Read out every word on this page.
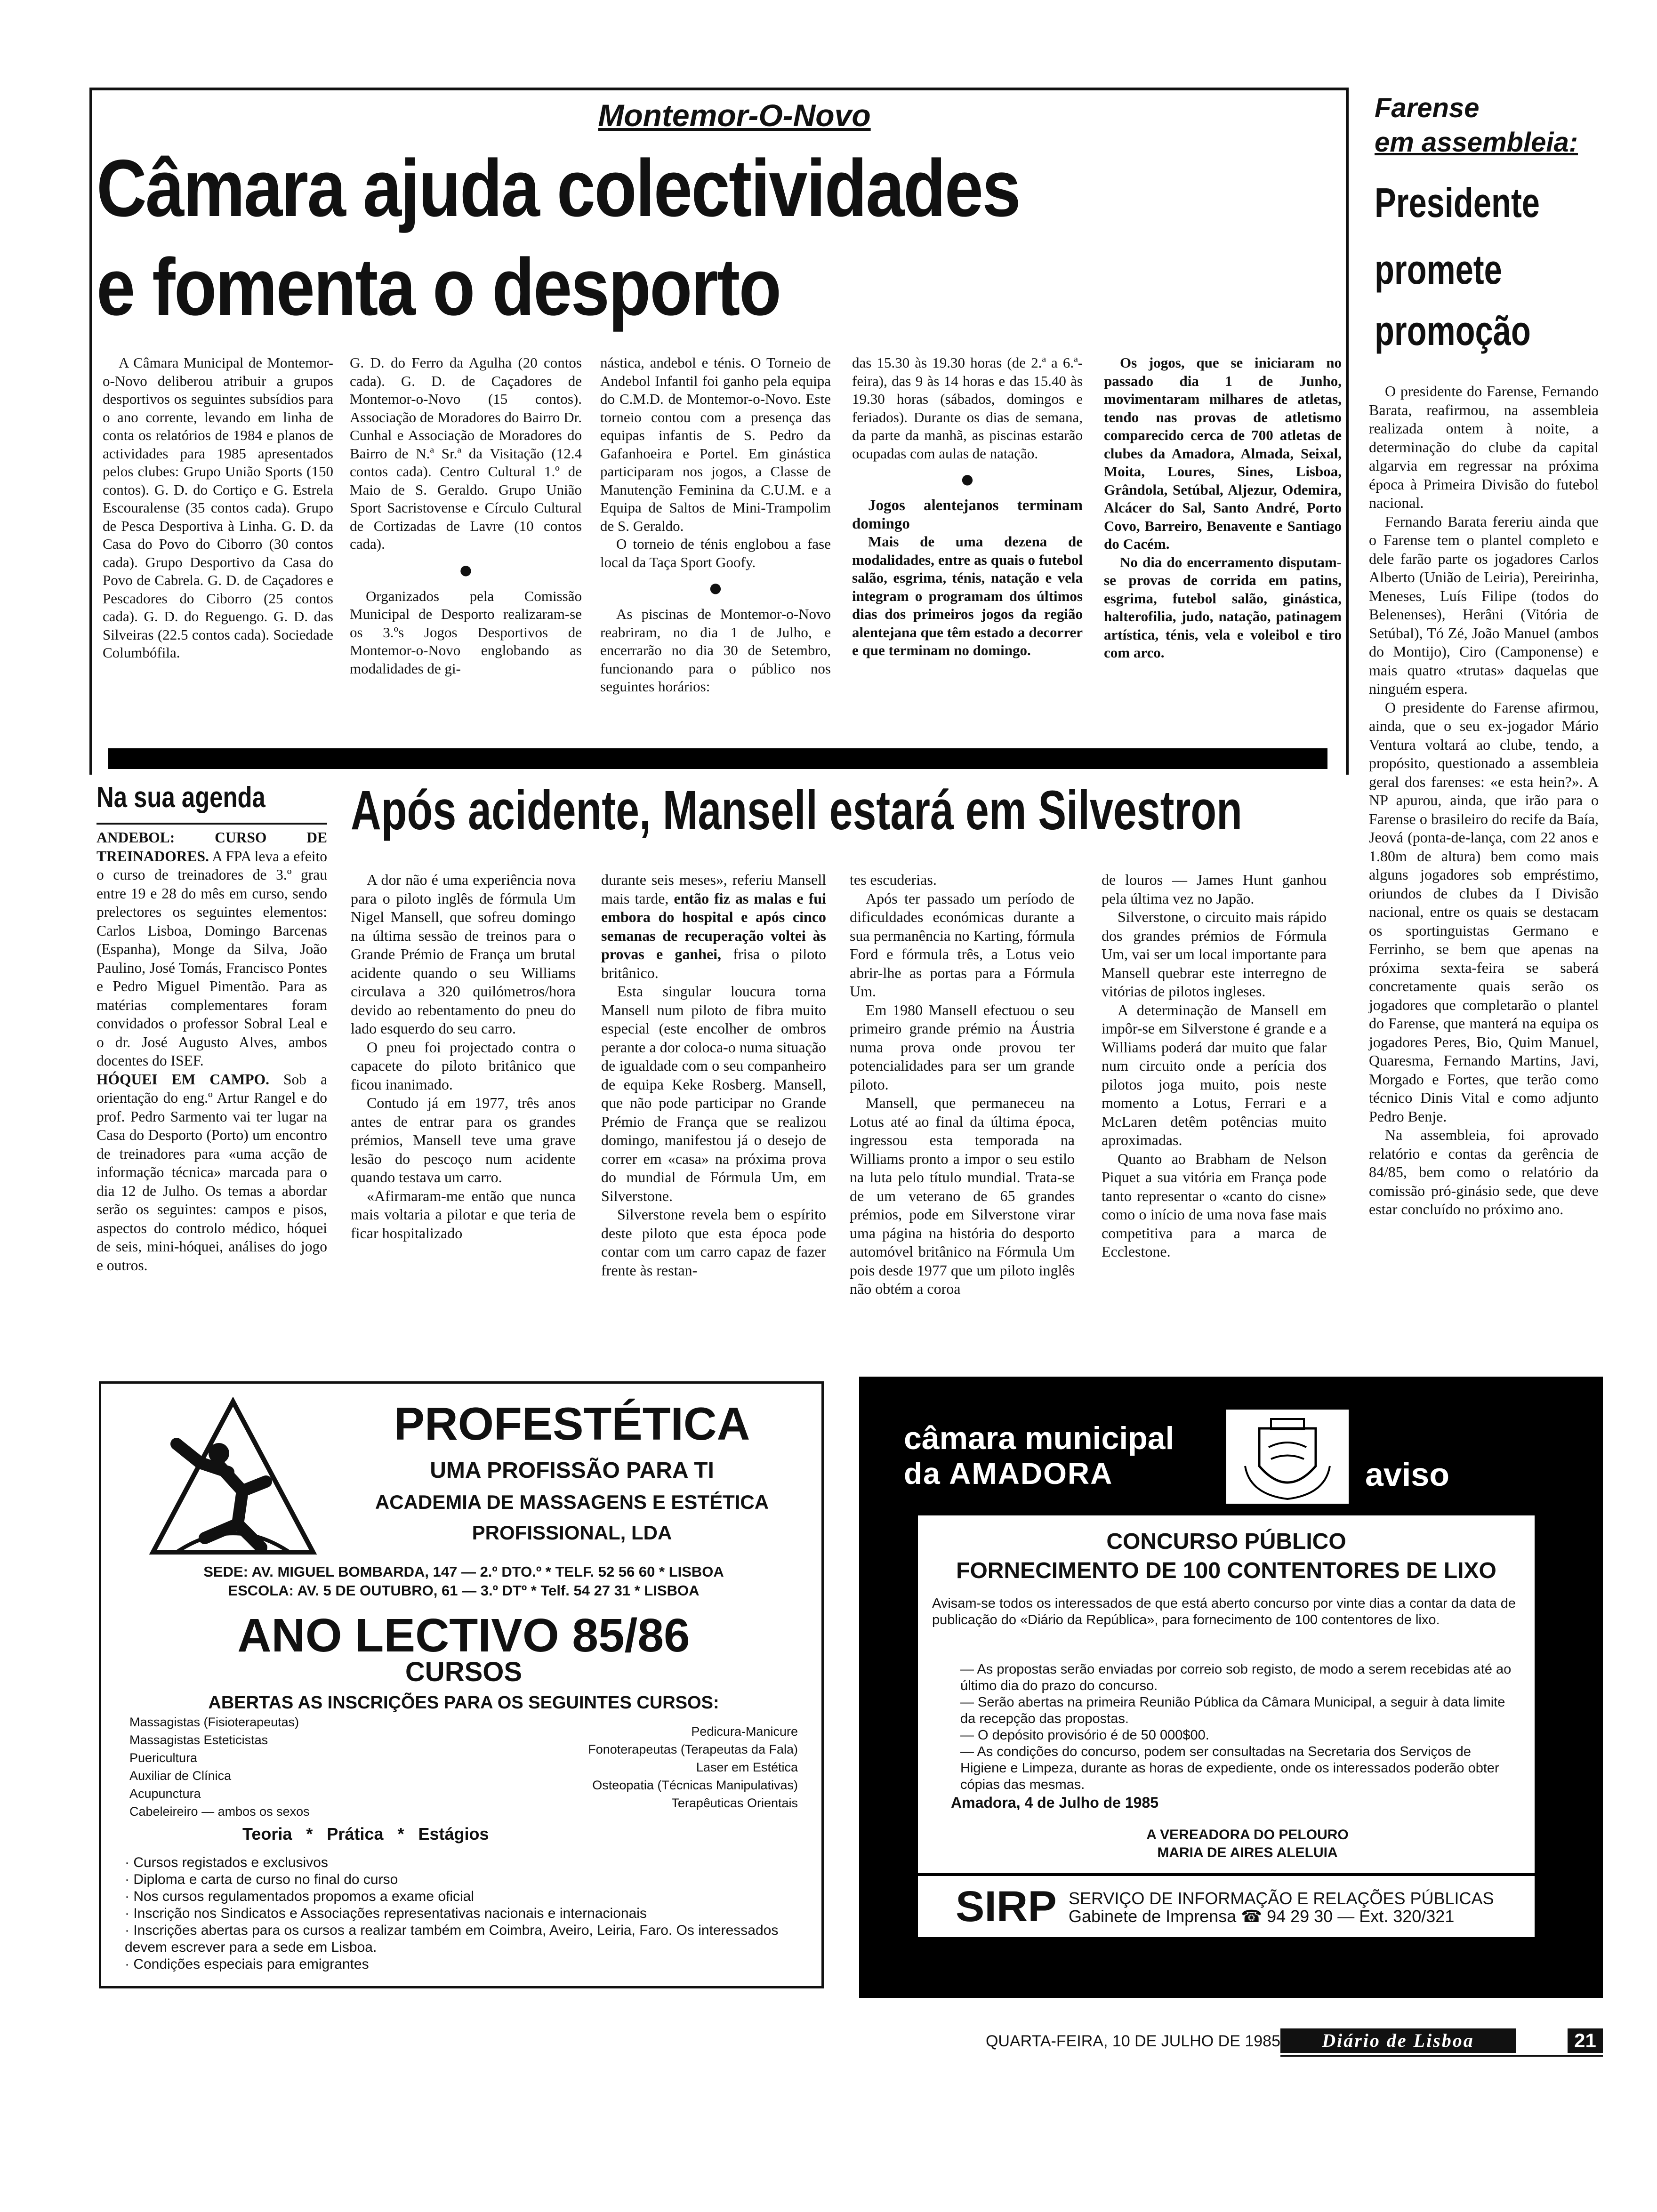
Montemor-O-Novo
Câmara ajuda colectividades
e fomenta o desporto

A Câmara Municipal de Montemor-o-Novo deliberou atribuir a grupos desportivos os seguintes subsídios para o ano corrente, levando em linha de conta os relatórios de 1984 e planos de actividades para 1985 apresentados pelos clubes: Grupo União Sports (150 contos). G. D. do Cortiço e G. Estrela Escouralense (35 contos cada). Grupo de Pesca Desportiva à Linha. G. D. da Casa do Povo do Ciborro (30 contos cada). Grupo Desportivo da Casa do Povo de Cabrela. G. D. de Caçadores e Pescadores do Ciborro (25 contos cada). G. D. do Reguengo. G. D. das Silveiras (22.5 contos cada). Sociedade Columbófila.

G. D. do Ferro da Agulha (20 contos cada). G. D. de Caçadores de Montemor-o-Novo (15 contos). Associação de Moradores do Bairro Dr. Cunhal e Associação de Moradores do Bairro de N.ª Sr.ª da Visitação (12.4 contos cada). Centro Cultural 1.º de Maio de S. Geraldo. Grupo União Sport Sacristovense e Círculo Cultural de Cortizadas de Lavre (10 contos cada).

●

Organizados pela Comissão Municipal de Desporto realizaram-se os 3.ºs Jogos Desportivos de Montemor-o-Novo englobando as modalidades de gi-

nástica, andebol e ténis. O Torneio de Andebol Infantil foi ganho pela equipa do C.M.D. de Montemor-o-Novo. Este torneio contou com a presença das equipas infantis de S. Pedro da Gafanhoeira e Portel. Em ginástica participaram nos jogos, a Classe de Manutenção Feminina da C.U.M. e a Equipa de Saltos de Mini-Trampolim de S. Geraldo.

O torneio de ténis englobou a fase local da Taça Sport Goofy.

●

As piscinas de Montemor-o-Novo reabriram, no dia 1 de Julho, e encerrarão no dia 30 de Setembro, funcionando para o público nos seguintes horários:

das 15.30 às 19.30 horas (de 2.ª a 6.ª-feira), das 9 às 14 horas e das 15.40 às 19.30 horas (sábados, domingos e feriados). Durante os dias de semana, da parte da manhã, as piscinas estarão ocupadas com aulas de natação.

●

Jogos alentejanos terminam domingo

Mais de uma dezena de modalidades, entre as quais o futebol salão, esgrima, ténis, natação e vela integram o programam dos últimos dias dos primeiros jogos da região alentejana que têm estado a decorrer e que terminam no domingo.

Os jogos, que se iniciaram no passado dia 1 de Junho, movimentaram milhares de atletas, tendo nas provas de atletismo comparecido cerca de 700 atletas de clubes da Amadora, Almada, Seixal, Moita, Loures, Sines, Lisboa, Grândola, Setúbal, Aljezur, Odemira, Alcácer do Sal, Santo André, Porto Covo, Barreiro, Benavente e Santiago do Cacém.

No dia do encerramento disputam-se provas de corrida em patins, esgrima, futebol salão, ginástica, halterofilia, judo, natação, patinagem artística, ténis, vela e voleibol e tiro com arco.

Farense
em assembleia:
Presidente
promete
promoção

O presidente do Farense, Fernando Barata, reafirmou, na assembleia realizada ontem à noite, a determinação do clube da capital algarvia em regressar na próxima época à Primeira Divisão do futebol nacional.

Fernando Barata fereriu ainda que o Farense tem o plantel completo e dele farão parte os jogadores Carlos Alberto (União de Leiria), Pereirinha, Meneses, Luís Filipe (todos do Belenenses), Herâni (Vitória de Setúbal), Tó Zé, João Manuel (ambos do Montijo), Ciro (Camponense) e mais quatro «trutas» daquelas que ninguém espera.

O presidente do Farense afirmou, ainda, que o seu ex-jogador Mário Ventura voltará ao clube, tendo, a propósito, questionado a assembleia geral dos farenses: «e esta hein?». A NP apurou, ainda, que irão para o Farense o brasileiro do recife da Baía, Jeová (ponta-de-lança, com 22 anos e 1.80m de altura) bem como mais alguns jogadores sob empréstimo, oriundos de clubes da I Divisão nacional, entre os quais se destacam os sportinguistas Germano e Ferrinho, se bem que apenas na próxima sexta-feira se saberá concretamente quais serão os jogadores que completarão o plantel do Farense, que manterá na equipa os jogadores Peres, Bio, Quim Manuel, Quaresma, Fernando Martins, Javi, Morgado e Fortes, que terão como técnico Dinis Vital e como adjunto Pedro Benje.

Na assembleia, foi aprovado relatório e contas da gerência de 84/85, bem como o relatório da comissão pró-ginásio sede, que deve estar concluído no próximo ano.

Na sua agenda

ANDEBOL: CURSO DE TREINADORES. A FPA leva a efeito o curso de treinadores de 3.º grau entre 19 e 28 do mês em curso, sendo prelectores os seguintes elementos: Carlos Lisboa, Domingo Barcenas (Espanha), Monge da Silva, João Paulino, José Tomás, Francisco Pontes e Pedro Miguel Pimentão. Para as matérias complementares foram convidados o professor Sobral Leal e o dr. José Augusto Alves, ambos docentes do ISEF.

HÓQUEI EM CAMPO. Sob a orientação do eng.º Artur Rangel e do prof. Pedro Sarmento vai ter lugar na Casa do Desporto (Porto) um encontro de treinadores para «uma acção de informação técnica» marcada para o dia 12 de Julho. Os temas a abordar serão os seguintes: campos e pisos, aspectos do controlo médico, hóquei de seis, mini-hóquei, análises do jogo e outros.

Após acidente, Mansell estará em Silvestron

A dor não é uma experiência nova para o piloto inglês de fórmula Um Nigel Mansell, que sofreu domingo na última sessão de treinos para o Grande Prémio de França um brutal acidente quando o seu Williams circulava a 320 quilómetros/hora devido ao rebentamento do pneu do lado esquerdo do seu carro.

O pneu foi projectado contra o capacete do piloto britânico que ficou inanimado.

Contudo já em 1977, três anos antes de entrar para os grandes prémios, Mansell teve uma grave lesão do pescoço num acidente quando testava um carro.

«Afirmaram-me então que nunca mais voltaria a pilotar e que teria de ficar hospitalizado

durante seis meses», referiu Mansell mais tarde, então fiz as malas e fui embora do hospital e após cinco semanas de recuperação voltei às provas e ganhei, frisa o piloto britânico.

Esta singular loucura torna Mansell num piloto de fibra muito especial (este encolher de ombros perante a dor coloca-o numa situação de igualdade com o seu companheiro de equipa Keke Rosberg. Mansell, que não pode participar no Grande Prémio de França que se realizou domingo, manifestou já o desejo de correr em «casa» na próxima prova do mundial de Fórmula Um, em Silverstone.

Silverstone revela bem o espírito deste piloto que esta época pode contar com um carro capaz de fazer frente às restan-

tes escuderias.

Após ter passado um período de dificuldades económicas durante a sua permanência no Karting, fórmula Ford e fórmula três, a Lotus veio abrir-lhe as portas para a Fórmula Um.

Em 1980 Mansell efectuou o seu primeiro grande prémio na Áustria numa prova onde provou ter potencialidades para ser um grande piloto.

Mansell, que permaneceu na Lotus até ao final da última época, ingressou esta temporada na Williams pronto a impor o seu estilo na luta pelo título mundial. Trata-se de um veterano de 65 grandes prémios, pode em Silverstone virar uma página na história do desporto automóvel britânico na Fórmula Um pois desde 1977 que um piloto inglês não obtém a coroa

de louros — James Hunt ganhou pela última vez no Japão.

Silverstone, o circuito mais rápido dos grandes prémios de Fórmula Um, vai ser um local importante para Mansell quebrar este interregno de vitórias de pilotos ingleses.

A determinação de Mansell em impôr-se em Silverstone é grande e a Williams poderá dar muito que falar num circuito onde a perícia dos pilotos joga muito, pois neste momento a Lotus, Ferrari e a McLaren detêm potências muito aproximadas.

Quanto ao Brabham de Nelson Piquet a sua vitória em França pode tanto representar o «canto do cisne» como o início de uma nova fase mais competitiva para a marca de Ecclestone.

PROFESTÉTICA
UMA PROFISSÃO PARA TI
ACADEMIA DE MASSAGENS E ESTÉTICA
PROFISSIONAL, LDA
SEDE: AV. MIGUEL BOMBARDA, 147 — 2.º DTO.º * TELF. 52 56 60 * LISBOA
ESCOLA: AV. 5 DE OUTUBRO, 61 — 3.º DTº * Telf. 54 27 31 * LISBOA
ANO LECTIVO 85/86
CURSOS
ABERTAS AS INSCRIÇÕES PARA OS SEGUINTES CURSOS:
Massagistas (Fisioterapeutas)
Massagistas Esteticistas
Puericultura
Auxiliar de Clínica
Acupunctura
Cabeleireiro — ambos os sexos
Pedicura-Manicure
Fonoterapeutas (Terapeutas da Fala)
Laser em Estética
Osteopatia (Técnicas Manipulativas)
Terapêuticas Orientais
Teoria   *   Prática   *   Estágios
· Cursos registados e exclusivos
· Diploma e carta de curso no final do curso
· Nos cursos regulamentados propomos a exame oficial
· Inscrição nos Sindicatos e Associações representativas nacionais e internacionais
· Inscrições abertas para os cursos a realizar também em Coimbra, Aveiro, Leiria, Faro. Os interessados devem escrever para a sede em Lisboa.
· Condições especiais para emigrantes
câmara municipal
da AMADORA	aviso
CONCURSO PÚBLICO
FORNECIMENTO DE 100 CONTENTORES DE LIXO
Avisam-se todos os interessados de que está aberto concurso por vinte dias a contar da data de publicação do «Diário da República», para fornecimento de 100 contentores de lixo.
— As propostas serão enviadas por correio sob registo, de modo a serem recebidas até ao último dia do prazo do concurso.
— Serão abertas na primeira Reunião Pública da Câmara Municipal, a seguir à data limite da recepção das propostas.
— O depósito provisório é de 50 000$00.
— As condições do concurso, podem ser consultadas na Secretaria dos Serviços de Higiene e Limpeza, durante as horas de expediente, onde os interessados poderão obter cópias das mesmas.
Amadora, 4 de Julho de 1985
A VEREADORA DO PELOURO
MARIA DE AIRES ALELUIA
SIRP SERVIÇO DE INFORMAÇÃO E RELAÇÕES PÚBLICAS
Gabinete de Imprensa ☎ 94 29 30 — Ext. 320/321
QUARTA-FEIRA, 10 DE JULHO DE 1985	Diário de Lisboa	21
